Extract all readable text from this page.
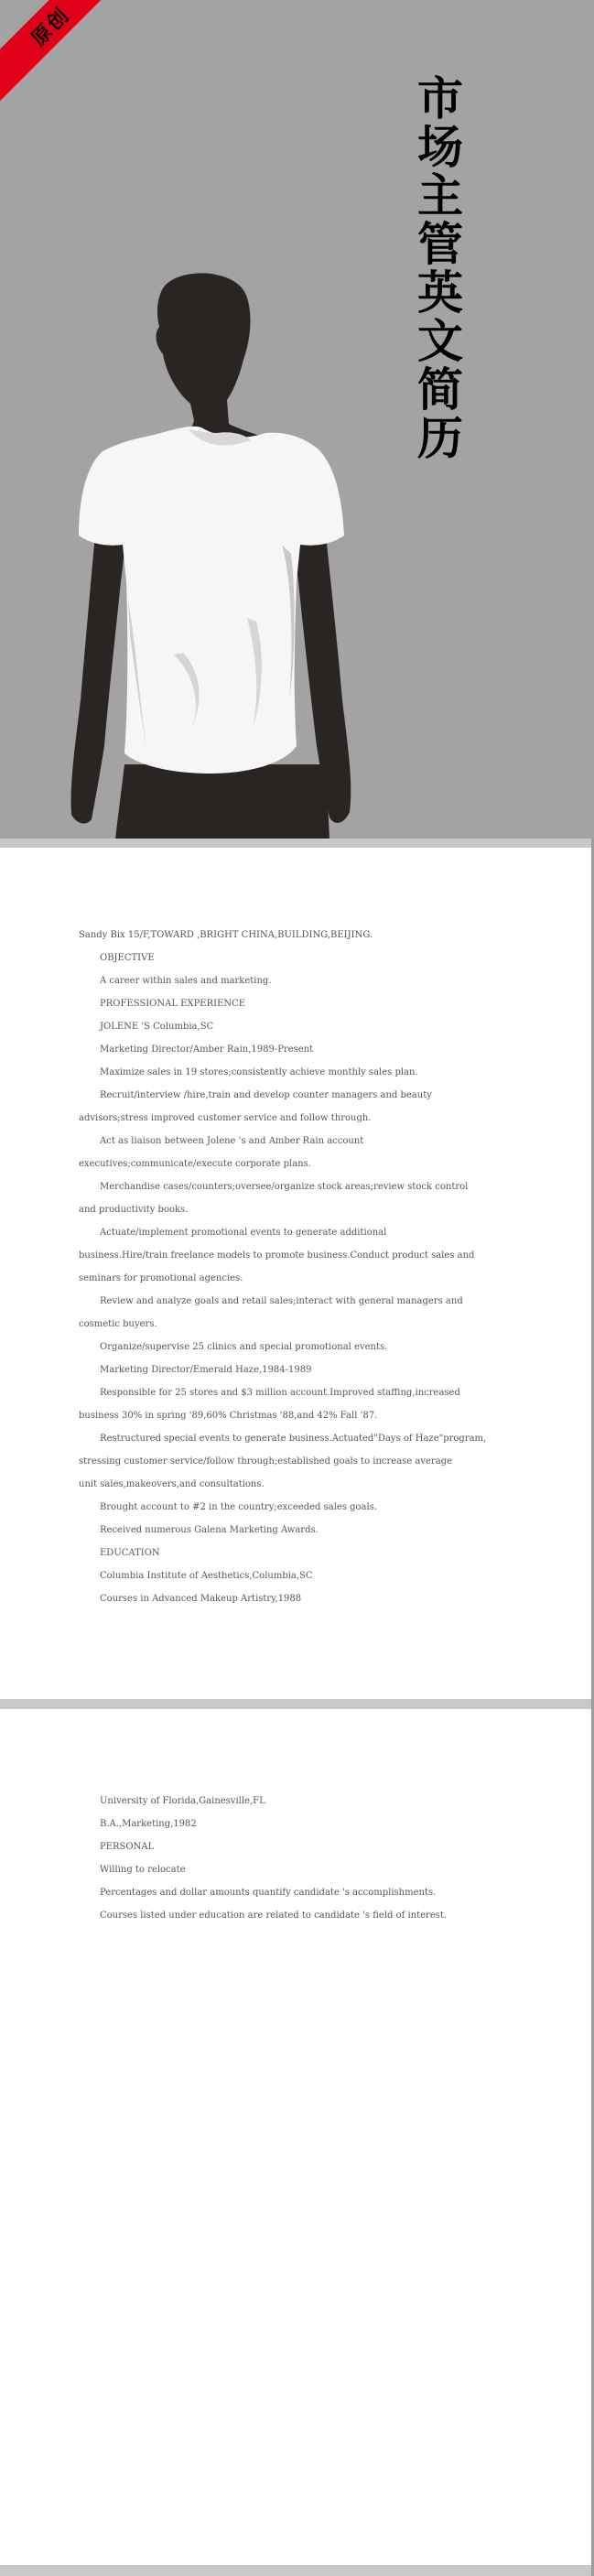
原创
市
场
主
管
英
文
简
历

Sandy Bix 15/F,TOWARD ,BRIGHT CHINA,BUILDING,BEIJING.

OBJECTIVE

A career within sales and marketing.

PROFESSIONAL EXPERIENCE

JOLENE 'S Columbia,SC

Marketing Director/Amber Rain,1989-Present

Maximize sales in 19 stores;consistently achieve monthly sales plan.

Recruit/interview /hire,train and develop counter managers and beauty

advisors;stress improved customer service and follow through.

Act as liaison between Jolene 's and Amber Rain account

executives;communicate/execute corporate plans.

Merchandise cases/counters;oversee/organize stock areas;review stock control

and productivity books.

Actuate/implement promotional events to generate additional

business.Hire/train freelance models to promote business.Conduct product sales and

seminars for promotional agencies.

Review and analyze goals and retail sales;interact with general managers and

cosmetic buyers.

Organize/supervise 25 clinics and special promotional events.

Marketing Director/Emerald Haze,1984-1989

Responsible for 25 stores and $3 million account.Improved staffing,increased

business 30% in spring '89,60% Christmas '88,and 42% Fall '87.

Restructured special events to generate business.Actuated"Days of Haze"program,

stressing customer service/follow through;established goals to increase average

unit sales,makeovers,and consultations.

Brought account to #2 in the country;exceeded sales goals.

Received numerous Galena Marketing Awards.

EDUCATION

Columbia Institute of Aesthetics,Columbia,SC

Courses in Advanced Makeup Artistry,1988

University of Florida,Gainesville,FL

B.A.,Marketing,1982

PERSONAL

Willing to relocate

Percentages and dollar amounts quantify candidate 's accomplishments.

Courses listed under education are related to candidate 's field of interest.
